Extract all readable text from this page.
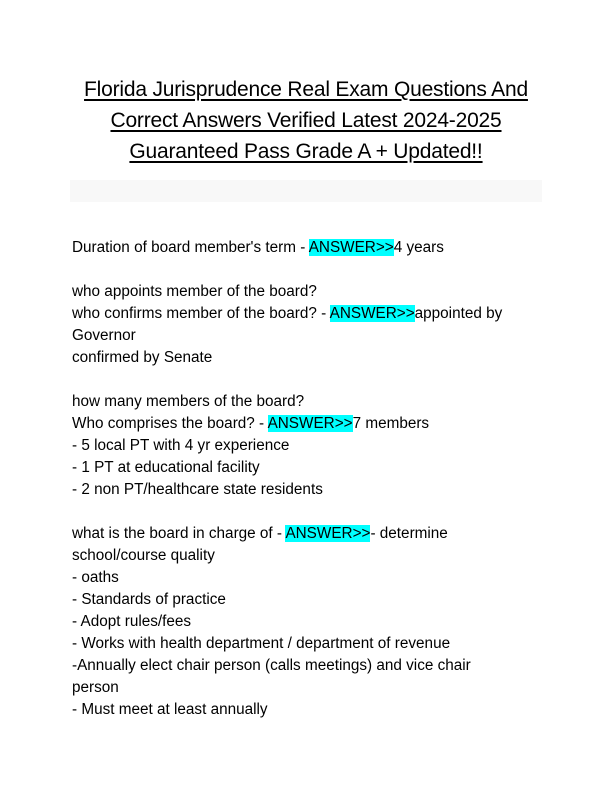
Florida Jurisprudence Real Exam Questions And
Correct Answers Verified Latest 2024-2025
Guaranteed Pass Grade A + Updated!!
Duration of board member's term - ANSWER>>4 years
who appoints member of the board?
who confirms member of the board? - ANSWER>>appointed by
Governor
confirmed by Senate
how many members of the board?
Who comprises the board? - ANSWER>>7 members
- 5 local PT with 4 yr experience
- 1 PT at educational facility
- 2 non PT/healthcare state residents
what is the board in charge of - ANSWER>>- determine
school/course quality
- oaths
- Standards of practice
- Adopt rules/fees
- Works with health department / department of revenue
-Annually elect chair person (calls meetings) and vice chair
person
- Must meet at least annually
